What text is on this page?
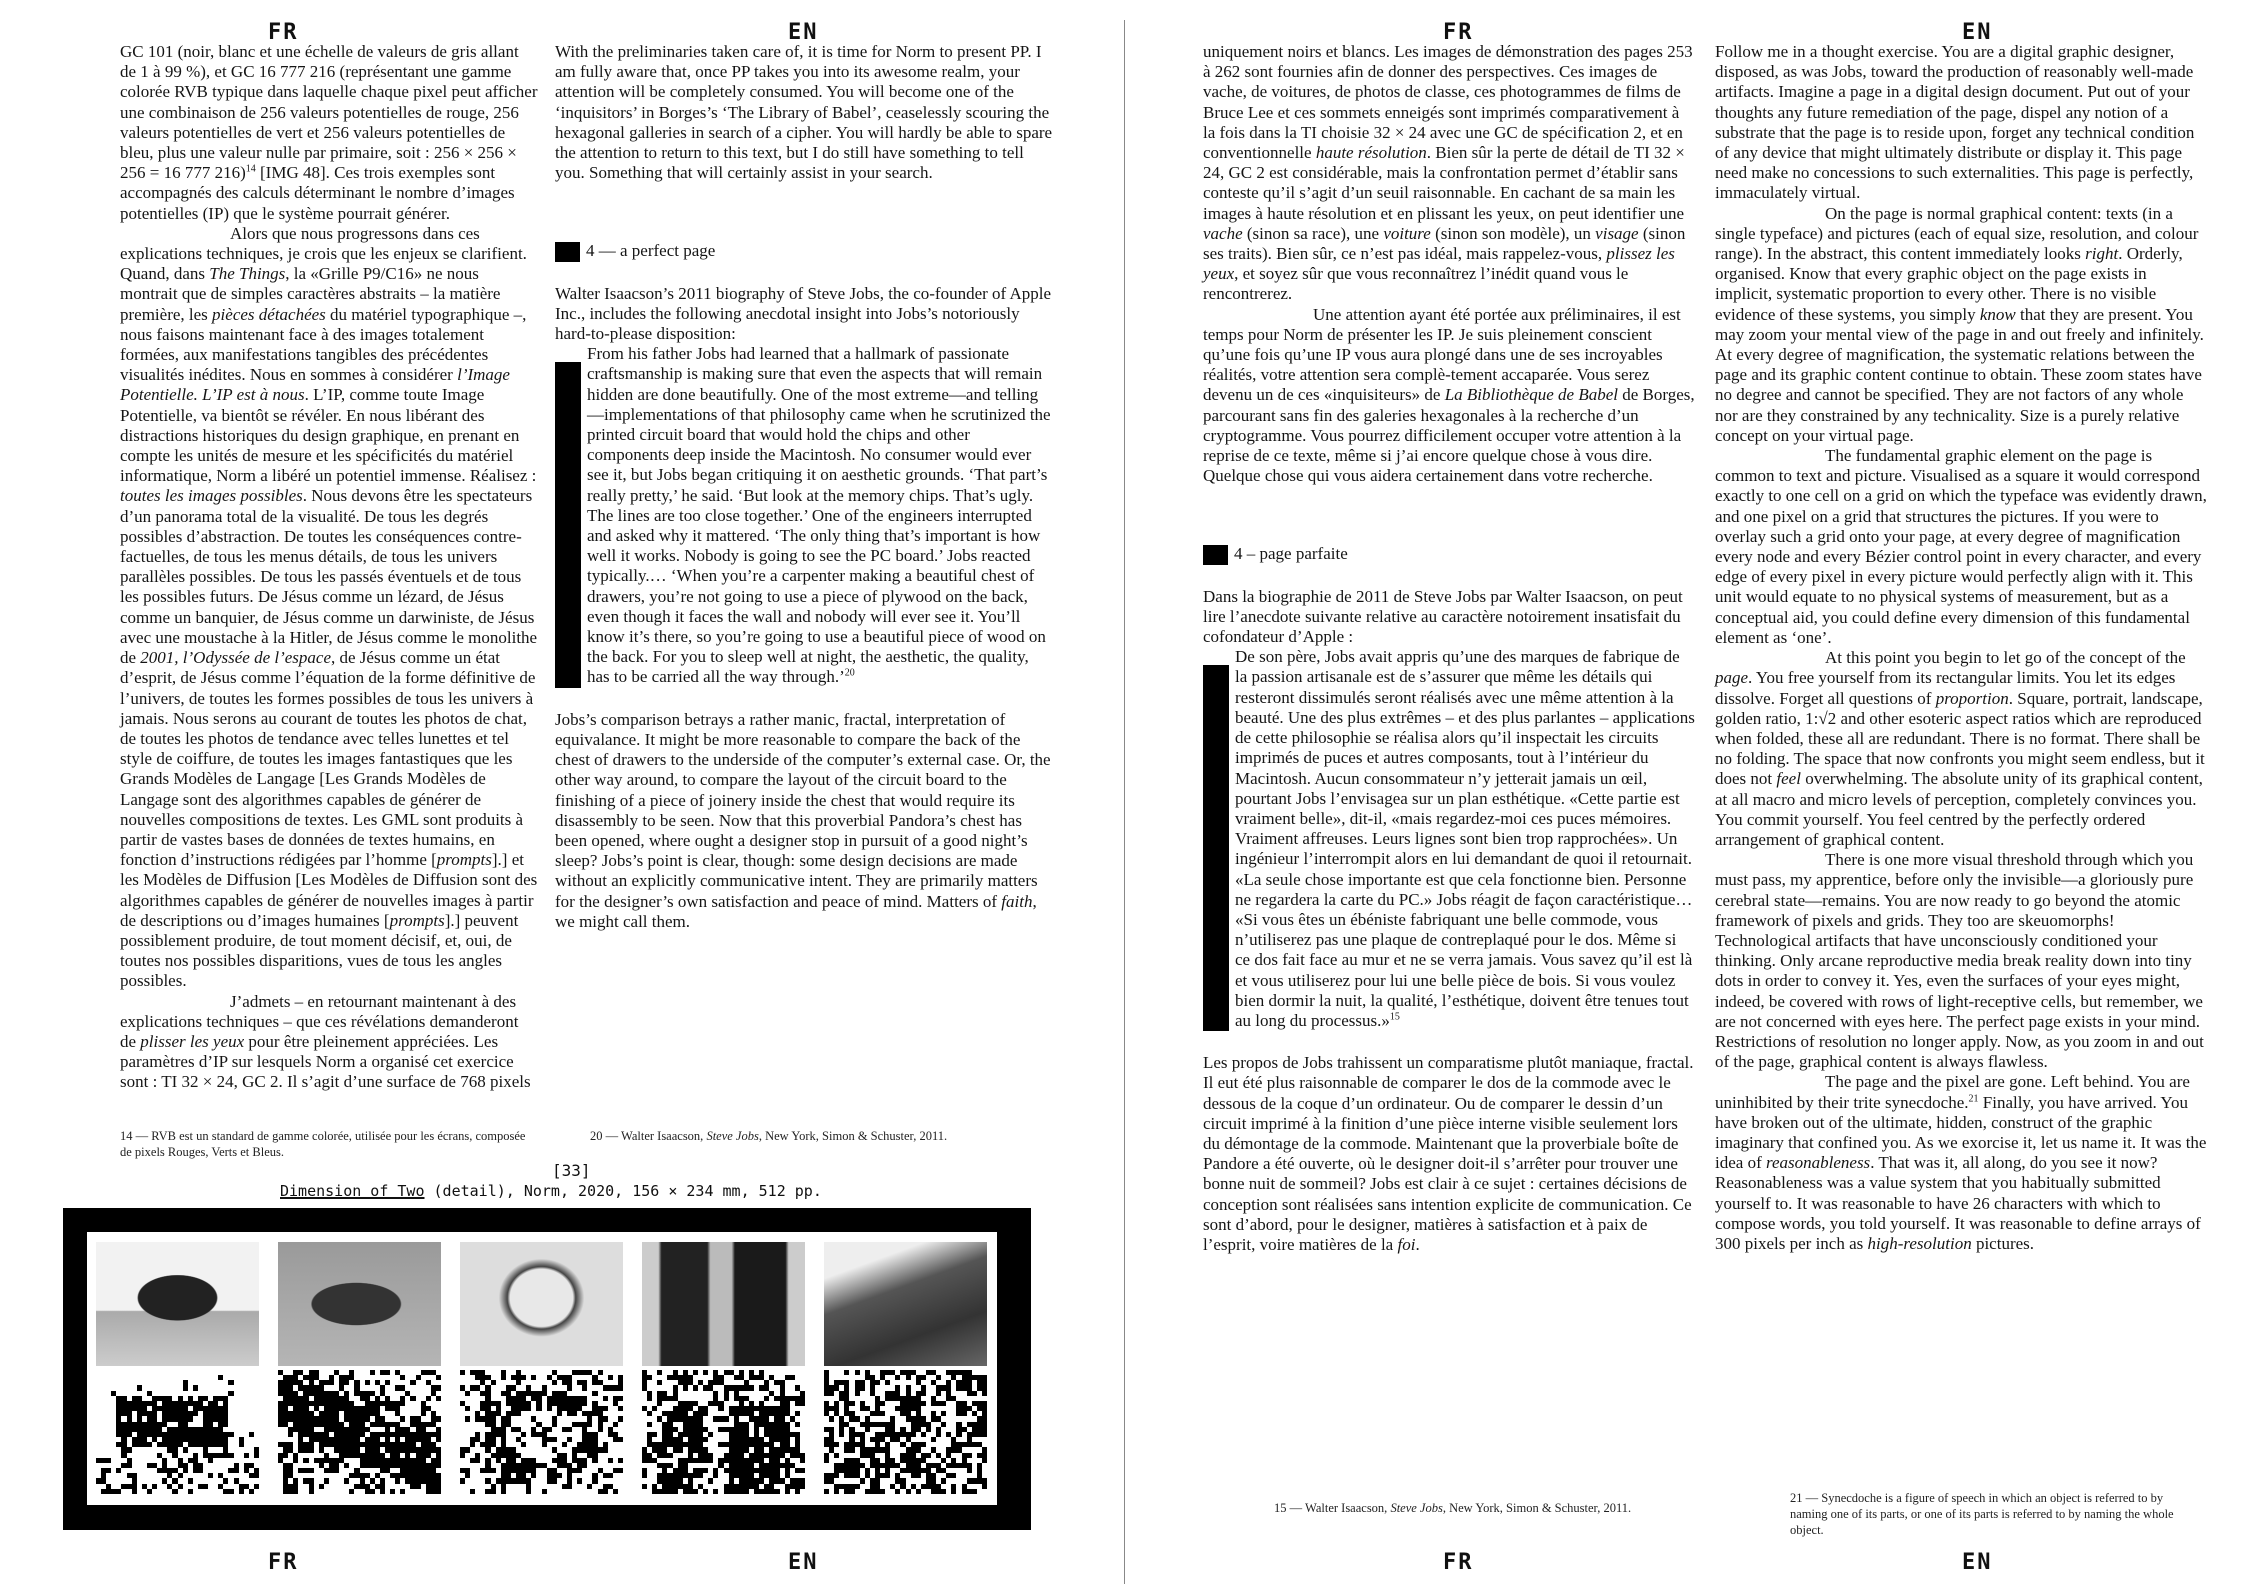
FR	EN	FR	EN

GC 101 (noir, blanc et une échelle de valeurs de gris allant de 1 à 99 %), et GC 16 777 216 (représentant une gamme colorée RVB typique dans laquelle chaque pixel peut afficher une combinaison de 256 valeurs potentielles de rouge, 256 valeurs potentielles de vert et 256 valeurs potentielles de bleu, plus une valeur nulle par primaire, soit : 256 × 256 × 256 = 16 777 216)$^{14}$ [IMG 48]. Ces trois exemples sont accompagnés des calculs déterminant le nombre d’images potentielles (IP) que le système pourrait générer.

Alors que nous progressons dans ces explications techniques, je crois que les enjeux se clarifient. Quand, dans The Things, la «Grille P9/C16» ne nous montrait que de simples caractères abstraits – la matière première, les pièces détachées du matériel typographique –, nous faisons maintenant face à des images totalement formées, aux manifestations tangibles des précédentes visualités inédites. Nous en sommes à considérer l’Image Potentielle. L’IP est à nous. L’IP, comme toute Image Potentielle, va bientôt se révéler. En nous libérant des distractions historiques du design graphique, en prenant en compte les unités de mesure et les spécificités du matériel informatique, Norm a libéré un potentiel immense. Réalisez : toutes les images possibles. Nous devons être les spectateurs d’un panorama total de la visualité. De tous les degrés possibles d’abstraction. De toutes les conséquences contre-factuelles, de tous les menus détails, de tous les univers parallèles possibles. De tous les passés éventuels et de tous les possibles futurs. De Jésus comme un lézard, de Jésus comme un banquier, de Jésus comme un darwiniste, de Jésus avec une moustache à la Hitler, de Jésus comme le monolithe de 2001, l’Odyssée de l’espace, de Jésus comme un état d’esprit, de Jésus comme l’équation de la forme définitive de l’univers, de toutes les formes possibles de tous les univers à jamais. Nous serons au courant de toutes les photos de chat, de toutes les photos de tendance avec telles lunettes et tel style de coiffure, de toutes les images fantastiques que les Grands Modèles de Langage [Les Grands Modèles de Langage sont des algorithmes capables de générer de nouvelles compositions de textes. Les GML sont produits à partir de vastes bases de données de textes humains, en fonction d’instructions rédigées par l’homme [prompts].] et les Modèles de Diffusion [Les Modèles de Diffusion sont des algorithmes capables de générer de nouvelles images à partir de descriptions ou d’images humaines [prompts].] peuvent possiblement produire, de tout moment décisif, et, oui, de toutes nos possibles disparitions, vues de tous les angles possibles.

J’admets – en retournant maintenant à des explications techniques – que ces révélations demanderont de plisser les yeux pour être pleinement appréciées. Les paramètres d’IP sur lesquels Norm a organisé cet exercice sont : TI 32 × 24, GC 2. Il s’agit d’une surface de 768 pixels

With the preliminaries taken care of, it is time for Norm to present PP. I am fully aware that, once PP takes you into its awesome realm, your attention will be completely consumed. You will become one of the ‘inquisitors’ in Borges’s ‘The Library of Babel’, ceaselessly scouring the hexagonal galleries in search of a cipher. You will hardly be able to spare the attention to return to this text, but I do still have something to tell you. Something that will certainly assist in your search.

4 — a perfect page

Walter Isaacson’s 2011 biography of Steve Jobs, the co-founder of Apple Inc., includes the following anecdotal insight into Jobs’s notoriously hard-to-please disposition:

From his father Jobs had learned that a hallmark of passionate craftsmanship is making sure that even the aspects that will remain hidden are done beautifully. One of the most extreme—and telling—implementations of that philosophy came when he scrutinized the printed circuit board that would hold the chips and other components deep inside the Macintosh. No consumer would ever see it, but Jobs began critiquing it on aesthetic grounds. ‘That part’s really pretty,’ he said. ‘But look at the memory chips. That’s ugly. The lines are too close together.’ One of the engineers interrupted and asked why it mattered. ‘The only thing that’s important is how well it works. Nobody is going to see the PC board.’ Jobs reacted typically.… ‘When you’re a carpenter making a beautiful chest of drawers, you’re not going to use a piece of plywood on the back, even though it faces the wall and nobody will ever see it. You’ll know it’s there, so you’re going to use a beautiful piece of wood on the back. For you to sleep well at night, the aesthetic, the quality, has to be carried all the way through.’$^{20}$

Jobs’s comparison betrays a rather manic, fractal, interpretation of equivalance. It might be more reasonable to compare the back of the chest of drawers to the underside of the computer’s external case. Or, the other way around, to compare the layout of the circuit board to the finishing of a piece of joinery inside the chest that would require its disassembly to be seen. Now that this proverbial Pandora’s chest has been opened, where ought a designer stop in pursuit of a good night’s sleep? Jobs’s point is clear, though: some design decisions are made without an explicitly communicative intent. They are primarily matters for the designer’s own satisfaction and peace of mind. Matters of faith, we might call them.

14 — RVB est un standard de gamme colorée, utilisée pour les écrans, composée de pixels Rouges, Verts et Bleus.
20 — Walter Isaacson, Steve Jobs, New York, Simon & Schuster, 2011.
[33]
Dimension of Two (detail), Norm, 2020, 156 × 234 mm, 512 pp.

uniquement noirs et blancs. Les images de démonstration des pages 253 à 262 sont fournies afin de donner des perspectives. Ces images de vache, de voitures, de photos de classe, ces photogrammes de films de Bruce Lee et ces sommets enneigés sont imprimés comparativement à la fois dans la TI choisie 32 × 24 avec une GC de spécification 2, et en conventionnelle haute résolution. Bien sûr la perte de détail de TI 32 × 24, GC 2 est considérable, mais la confrontation permet d’établir sans conteste qu’il s’agit d’un seuil raisonnable. En cachant de sa main les images à haute résolution et en plissant les yeux, on peut identifier une vache (sinon sa race), une voiture (sinon son modèle), un visage (sinon ses traits). Bien sûr, ce n’est pas idéal, mais rappelez-vous, plissez les yeux, et soyez sûr que vous reconnaîtrez l’inédit quand vous le rencontrerez.

Une attention ayant été portée aux préliminaires, il est temps pour Norm de présenter les IP. Je suis pleinement conscient qu’une fois qu’une IP vous aura plongé dans une de ses incroyables réalités, votre attention sera complè-tement accaparée. Vous serez devenu un de ces «inquisiteurs» de La Bibliothèque de Babel de Borges, parcourant sans fin des galeries hexagonales à la recherche d’un cryptogramme. Vous pourrez difficilement occuper votre attention à la reprise de ce texte, même si j’ai encore quelque chose à vous dire. Quelque chose qui vous aidera certainement dans votre recherche.

4 – page parfaite

Dans la biographie de 2011 de Steve Jobs par Walter Isaacson, on peut lire l’anecdote suivante relative au caractère notoirement insatisfait du cofondateur d’Apple :

De son père, Jobs avait appris qu’une des marques de fabrique de la passion artisanale est de s’assurer que même les détails qui resteront dissimulés seront réalisés avec une même attention à la beauté. Une des plus extrêmes – et des plus parlantes – applications de cette philosophie se réalisa alors qu’il inspectait les circuits imprimés de puces et autres composants, tout à l’intérieur du Macintosh. Aucun consommateur n’y jetterait jamais un œil, pourtant Jobs l’envisagea sur un plan esthétique. «Cette partie est vraiment belle», dit-il, «mais regardez-moi ces puces mémoires. Vraiment affreuses. Leurs lignes sont bien trop rapprochées». Un ingénieur l’interrompit alors en lui demandant de quoi il retournait. «La seule chose importante est que cela fonctionne bien. Personne ne regardera la carte du PC.» Jobs réagit de façon caractéristique… «Si vous êtes un ébéniste fabriquant une belle commode, vous n’utiliserez pas une plaque de contreplaqué pour le dos. Même si ce dos fait face au mur et ne se verra jamais. Vous savez qu’il est là et vous utiliserez pour lui une belle pièce de bois. Si vous voulez bien dormir la nuit, la qualité, l’esthétique, doivent être tenues tout au long du processus.»$^{15}$

Les propos de Jobs trahissent un comparatisme plutôt maniaque, fractal. Il eut été plus raisonnable de comparer le dos de la commode avec le dessous de la coque d’un ordinateur. Ou de comparer le dessin d’un circuit imprimé à la finition d’une pièce interne visible seulement lors du démontage de la commode. Maintenant que la proverbiale boîte de Pandore a été ouverte, où le designer doit-il s’arrêter pour trouver une bonne nuit de sommeil? Jobs est clair à ce sujet : certaines décisions de conception sont réalisées sans intention explicite de communication. Ce sont d’abord, pour le designer, matières à satisfaction et à paix de l’esprit, voire matières de la foi.

Follow me in a thought exercise. You are a digital graphic designer, disposed, as was Jobs, toward the production of reasonably well-made artifacts. Imagine a page in a digital design document. Put out of your thoughts any future remediation of the page, dispel any notion of a substrate that the page is to reside upon, forget any technical condition of any device that might ultimately distribute or display it. This page need make no concessions to such externalities. This page is perfectly, immaculately virtual.

On the page is normal graphical content: texts (in a single typeface) and pictures (each of equal size, resolution, and colour range). In the abstract, this content immediately looks right. Orderly, organised. Know that every graphic object on the page exists in implicit, systematic proportion to every other. There is no visible evidence of these systems, you simply know that they are present. You may zoom your mental view of the page in and out freely and infinitely. At every degree of magnification, the systematic relations between the page and its graphic content continue to obtain. These zoom states have no degree and cannot be specified. They are not factors of any whole nor are they constrained by any technicality. Size is a purely relative concept on your virtual page.

The fundamental graphic element on the page is common to text and picture. Visualised as a square it would correspond exactly to one cell on a grid on which the typeface was evidently drawn, and one pixel on a grid that structures the pictures. If you were to overlay such a grid onto your page, at every degree of magnification every node and every Bézier control point in every character, and every edge of every pixel in every picture would perfectly align with it. This unit would equate to no physical systems of measurement, but as a conceptual aid, you could define every dimension of this fundamental element as ‘one’.

At this point you begin to let go of the concept of the page. You free yourself from its rectangular limits. You let its edges dissolve. Forget all questions of proportion. Square, portrait, landscape, golden ratio, 1:√2 and other esoteric aspect ratios which are reproduced when folded, these all are redundant. There is no format. There shall be no folding. The space that now confronts you might seem endless, but it does not feel overwhelming. The absolute unity of its graphical content, at all macro and micro levels of perception, completely convinces you. You commit yourself. You feel centred by the perfectly ordered arrangement of graphical content.

There is one more visual threshold through which you must pass, my apprentice, before only the invisible—a gloriously pure cerebral state—remains. You are now ready to go beyond the atomic framework of pixels and grids. They too are skeuomorphs! Technological artifacts that have unconsciously conditioned your thinking. Only arcane reproductive media break reality down into tiny dots in order to convey it. Yes, even the surfaces of your eyes might, indeed, be covered with rows of light-receptive cells, but remember, we are not concerned with eyes here. The perfect page exists in your mind. Restrictions of resolution no longer apply. Now, as you zoom in and out of the page, graphical content is always flawless.

The page and the pixel are gone. Left behind. You are uninhibited by their trite synecdoche.$^{21}$ Finally, you have arrived. You have broken out of the ultimate, hidden, construct of the graphic imaginary that confined you. As we exorcise it, let us name it. It was the idea of reasonableness. That was it, all along, do you see it now? Reasonableness was a value system that you habitually submitted yourself to. It was reasonable to have 26 characters with which to compose words, you told yourself. It was reasonable to define arrays of 300 pixels per inch as high-resolution pictures.

15 — Walter Isaacson, Steve Jobs, New York, Simon & Schuster, 2011.
21 — Synecdoche is a figure of speech in which an object is referred to by naming one of its parts, or one of its parts is referred to by naming the whole object.
FR	EN	FR	EN
